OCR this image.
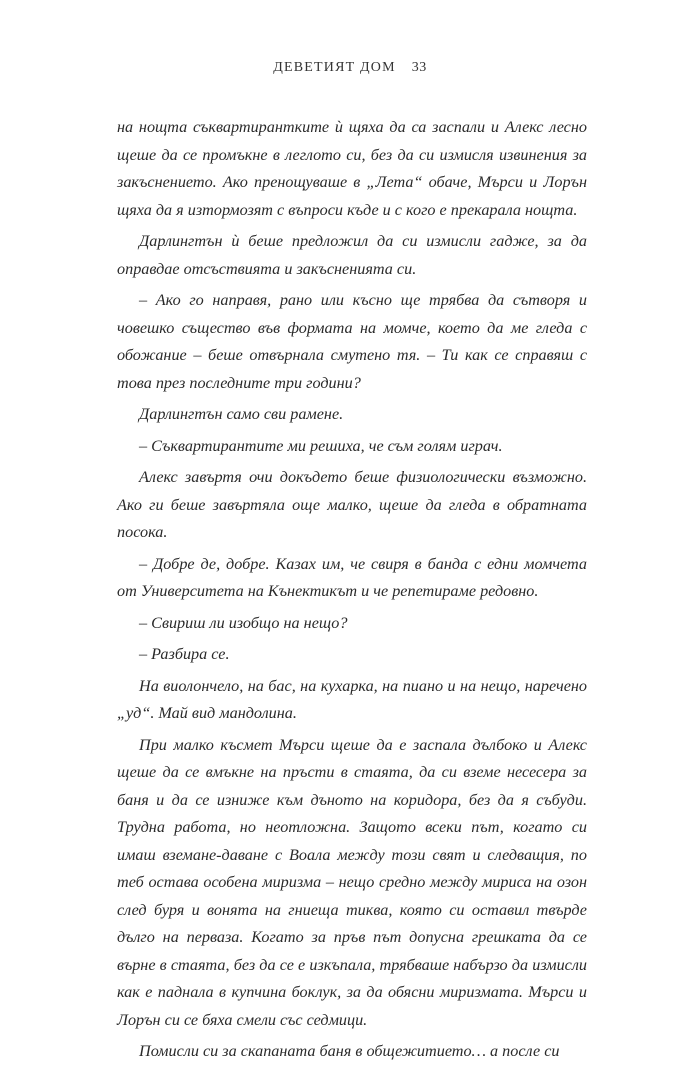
ДЕВЕТИЯТ ДОМ 33

на нощта съквартирантките ѝ щяха да са заспали и Алекс лесно щеше да се промъкне в леглото си, без да си измисля извинения за закъснението. Ако пренощуваше в „Лета“ обаче, Мърси и Лорън щяха да я изтормозят с въпроси къде и с кого е прекарала нощта.

Дарлингтън ѝ беше предложил да си измисли гадже, за да оправдае отсъствията и закъсненията си.

– Ако го направя, рано или късно ще трябва да сътворя и човешко същество във формата на момче, което да ме гледа с обожание – беше отвърнала смутено тя. – Ти как се справяш с това през последните три години?

Дарлингтън само сви рамене.

– Съквартирантите ми решиха, че съм голям играч.

Алекс завъртя очи докъдето беше физиологически възможно. Ако ги беше завъртяла още малко, щеше да гледа в обратната посока.

– Добре де, добре. Казах им, че свиря в банда с едни момчета от Университета на Кънектикът и че репетираме редовно.

– Свириш ли изобщо на нещо?

– Разбира се.

На виолончело, на бас, на кухарка, на пиано и на нещо, наречено „уд“. Май вид мандолина.

При малко късмет Мърси щеше да е заспала дълбоко и Алекс щеше да се вмъкне на пръсти в стаята, да си вземе несесера за баня и да се изниже към дъното на коридора, без да я събуди. Трудна работа, но неотложна. Защото всеки път, когато си имаш вземане-даване с Воала между този свят и следващия, по теб остава особена миризма – нещо средно между мириса на озон след буря и вонята на гниеща тиква, която си оставил твърде дълго на перваза. Когато за пръв път допусна грешката да се върне в стаята, без да се е изкъпала, трябваше набързо да измисли как е паднала в купчина боклук, за да обясни миризмата. Мърси и Лорън си се бяха смели със седмици.

Помисли си за скапаната баня в общежитието… а после си
